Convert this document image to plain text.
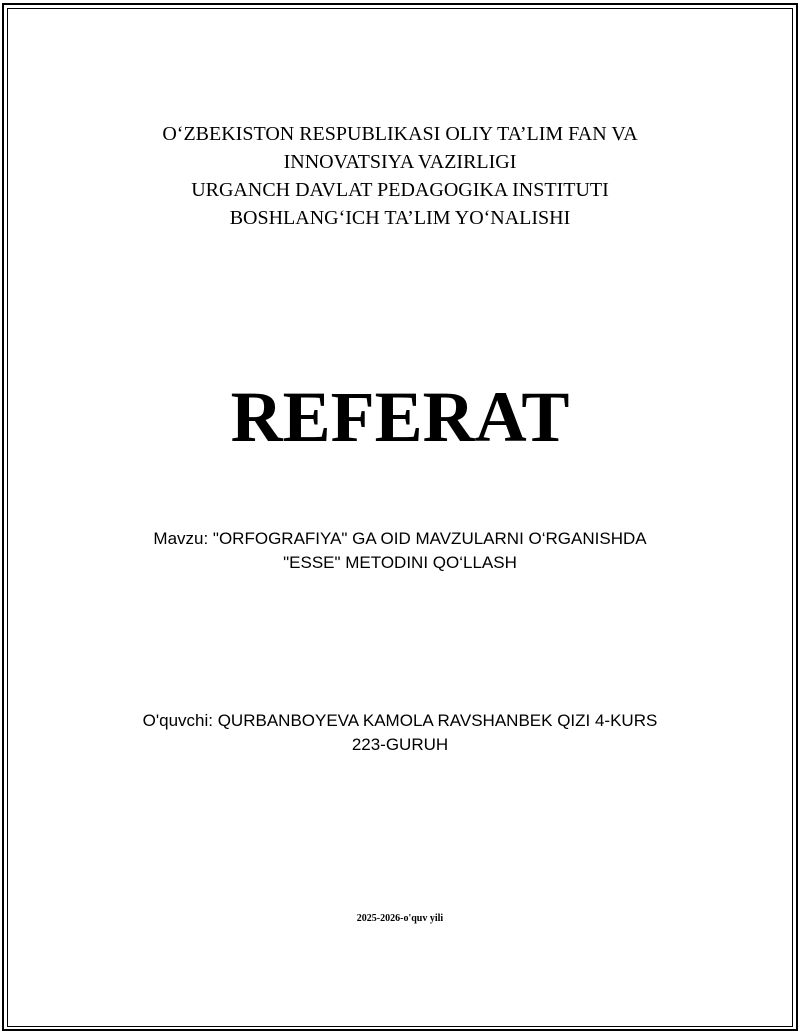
O‘ZBEKISTON RESPUBLIKASI OLIY TA’LIM FAN VA
INNOVATSIYA VAZIRLIGI
URGANCH DAVLAT PEDAGOGIKA INSTITUTI
BOSHLANG‘ICH TA’LIM YO‘NALISHI
REFERAT
Mavzu: "ORFOGRAFIYA" GA OID MAVZULARNI O‘RGANISHDA
"ESSE" METODINI QO‘LLASH
O'quvchi: QURBANBOYEVA KAMOLA RAVSHANBEK QIZI 4-KURS
223-GURUH
2025-2026-o'quv yili
